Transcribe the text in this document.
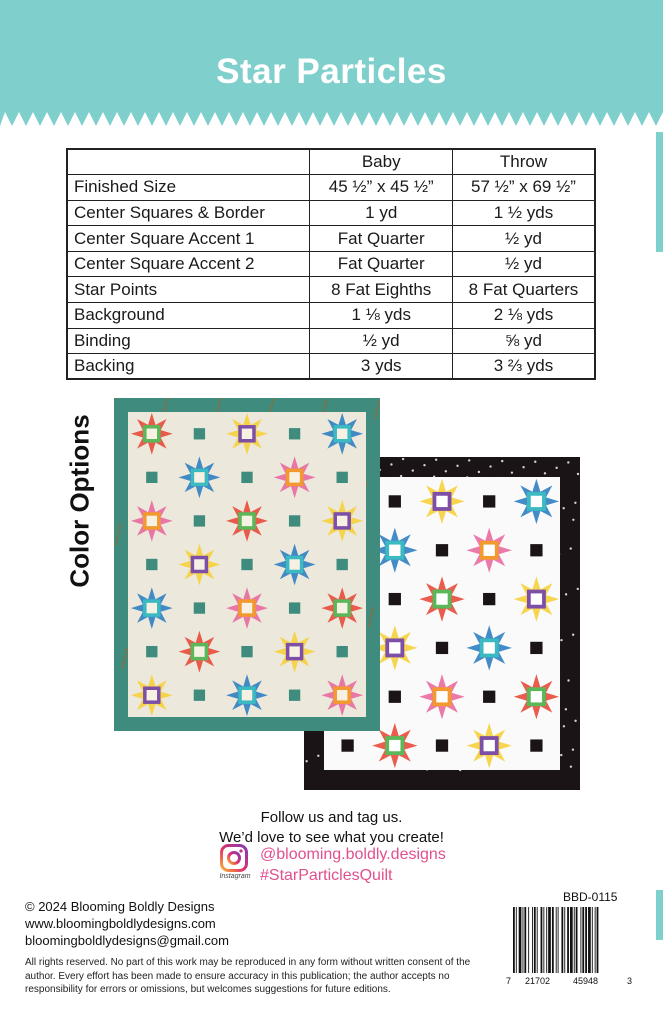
Star Particles
	Baby	Throw
Finished Size	45 ½” x 45 ½”	57 ½” x 69 ½”
Center Squares & Border	1 yd	1 ½ yds
Center Square Accent 1	Fat Quarter	½ yd
Center Square Accent 2	Fat Quarter	½ yd
Star Points	8 Fat Eighths	8 Fat Quarters
Background	1 ⅛ yds	2 ⅛ yds
Binding	½ yd	⅝ yd
Backing	3 yds	3 ⅔ yds
Color Options
Follow us and tag us.
We’d love to see what you create!
Instagram
@blooming.boldly.designs
#StarParticlesQuilt
© 2024 Blooming Boldly Designs
www.bloomingboldlydesigns.com
bloomingboldlydesigns@gmail.com
All rights reserved. No part of this work may be reproduced in any form without written consent of the author. Every effort has been made to ensure accuracy in this publication; the author accepts no responsibility for errors or omissions, but welcomes suggestions for future editions.
BBD-0115
7 21702	45948	3
